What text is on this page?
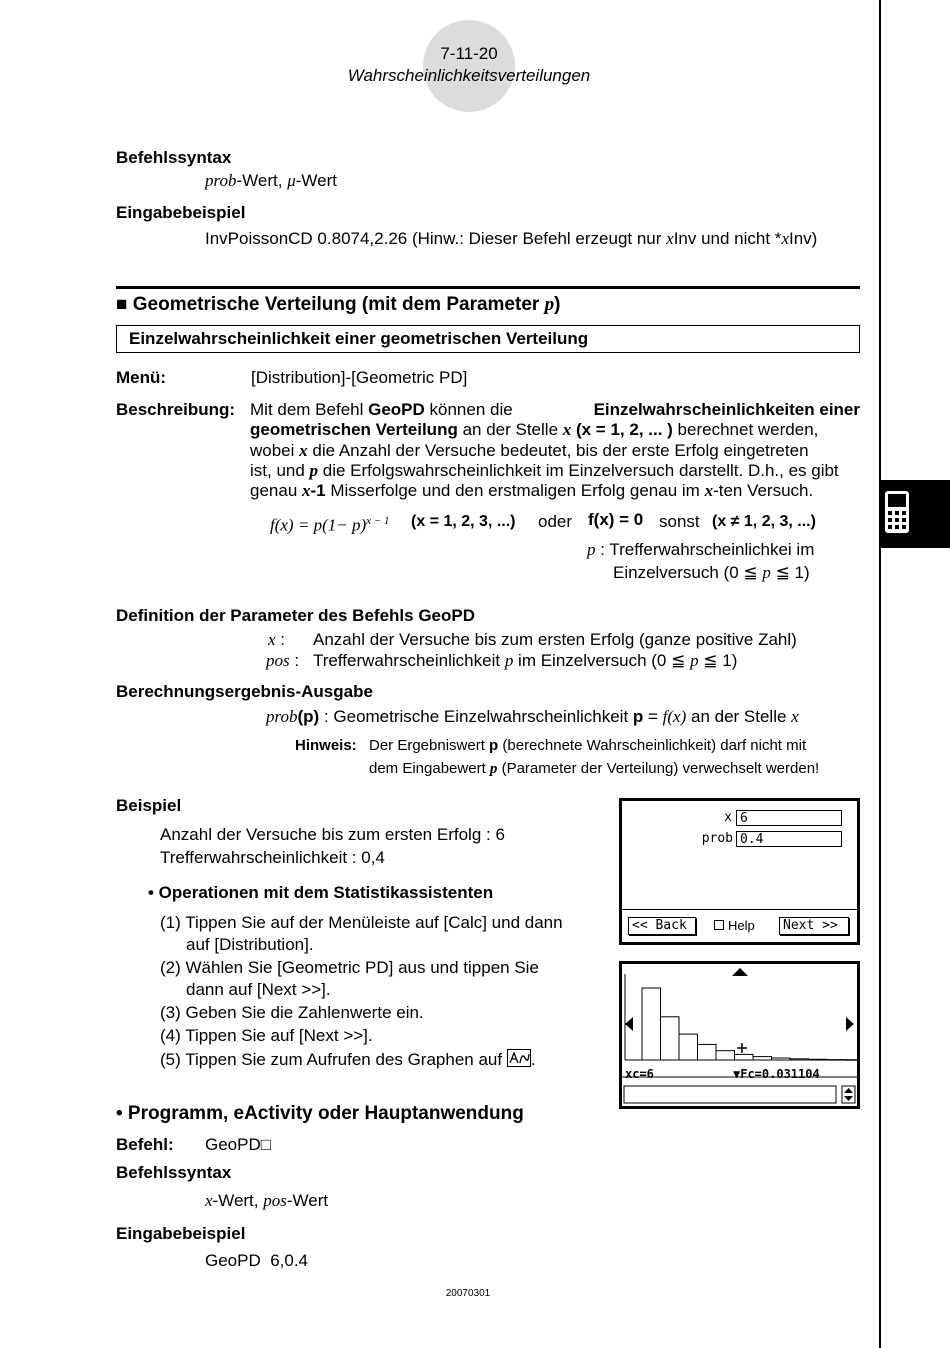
7-11-20
Wahrscheinlichkeitsverteilungen
Befehlssyntax
prob-Wert, μ-Wert
Eingabebeispiel
InvPoissonCD 0.8074,2.26 (Hinw.: Dieser Befehl erzeugt nur xInv und nicht *xInv)
■ Geometrische Verteilung (mit dem Parameter p)
Einzelwahrscheinlichkeit einer geometrischen Verteilung
Menü:	[Distribution]-[Geometric PD]
Beschreibung: Mit dem Befehl GeoPD können die	Einzelwahrscheinlichkeiten einer
geometrischen Verteilung an der Stelle x (x = 1, 2, ... ) berechnet werden,
wobei x die Anzahl der Versuche bedeutet, bis der erste Erfolg eingetreten
ist, und p die Erfolgswahrscheinlichkeit im Einzelversuch darstellt. D.h., es gibt
genau x-1 Misserfolge und den erstmaligen Erfolg genau im x-ten Versuch.
$f(x) = p(1- p)^{x - 1}$ (x = 1, 2, 3, ...) oder f(x) = 0 sonst (x ≠ 1, 2, 3, ...)
p : Trefferwahrscheinlichkei im
Einzelversuch (0 ≦ p ≦ 1)
Definition der Parameter des Befehls GeoPD
x : Anzahl der Versuche bis zum ersten Erfolg (ganze positive Zahl)
pos : Trefferwahrscheinlichkeit p im Einzelversuch (0 ≦ p ≦ 1)
Berechnungsergebnis-Ausgabe
prob(p) : Geometrische Einzelwahrscheinlichkeit p = f(x) an der Stelle x
Hinweis: Der Ergebniswert p (berechnete Wahrscheinlichkeit) darf nicht mit
dem Eingabewert p (Parameter der Verteilung) verwechselt werden!
Beispiel
Anzahl der Versuche bis zum ersten Erfolg : 6
Trefferwahrscheinlichkeit : 0,4
• Operationen mit dem Statistikassistenten
(1) Tippen Sie auf der Menüleiste auf [Calc] und dann
auf [Distribution].
(2) Wählen Sie [Geometric PD] aus und tippen Sie
dann auf [Next >>].
(3) Geben Sie die Zahlenwerte ein.
(4) Tippen Sie auf [Next >>].
(5) Tippen Sie zum Aufrufen des Graphen auf .
x 6
prob 0.4
<< Back	Help	Next >>
xc=6	▼Fc=0.031104
• Programm, eActivity oder Hauptanwendung
Befehl: GeoPD□
Befehlssyntax
x-Wert, pos-Wert
Eingabebeispiel
GeoPD  6,0.4
20070301
